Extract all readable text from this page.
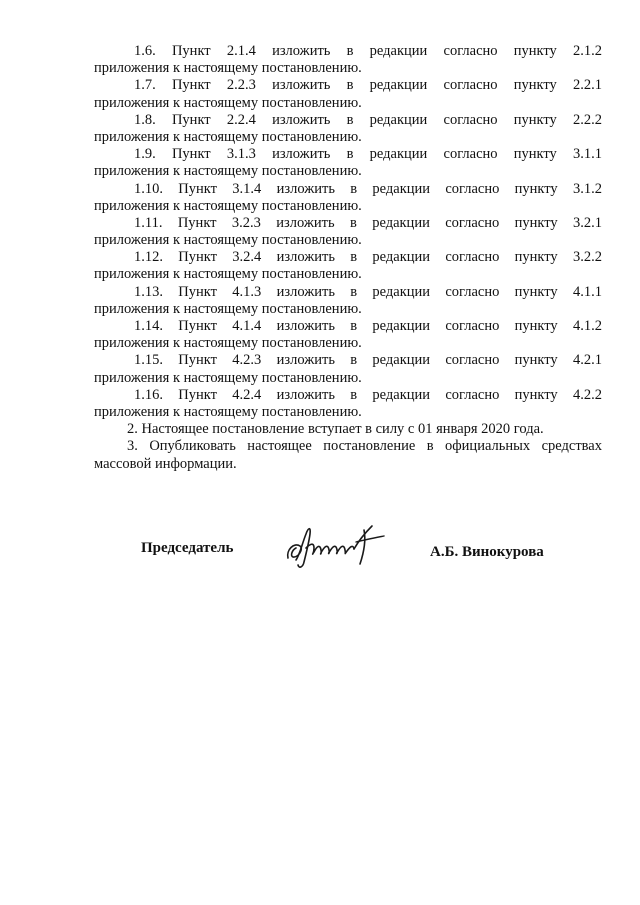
1.6. Пункт 2.1.4 изложить в редакции согласно пункту 2.1.2
приложения к настоящему постановлению.
1.7. Пункт 2.2.3 изложить в редакции согласно пункту 2.2.1
приложения к настоящему постановлению.
1.8. Пункт 2.2.4 изложить в редакции согласно пункту 2.2.2
приложения к настоящему постановлению.
1.9. Пункт 3.1.3 изложить в редакции согласно пункту 3.1.1
приложения к настоящему постановлению.
1.10. Пункт 3.1.4 изложить в редакции согласно пункту 3.1.2
приложения к настоящему постановлению.
1.11. Пункт 3.2.3 изложить в редакции согласно пункту 3.2.1
приложения к настоящему постановлению.
1.12. Пункт 3.2.4 изложить в редакции согласно пункту 3.2.2
приложения к настоящему постановлению.
1.13. Пункт 4.1.3 изложить в редакции согласно пункту 4.1.1
приложения к настоящему постановлению.
1.14. Пункт 4.1.4 изложить в редакции согласно пункту 4.1.2
приложения к настоящему постановлению.
1.15. Пункт 4.2.3 изложить в редакции согласно пункту 4.2.1
приложения к настоящему постановлению.
1.16. Пункт 4.2.4 изложить в редакции согласно пункту 4.2.2
приложения к настоящему постановлению.
2. Настоящее постановление вступает в силу с 01 января 2020 года.
3. Опубликовать настоящее постановление в официальных средствах
массовой информации.
Председатель	А.Б. Винокурова
